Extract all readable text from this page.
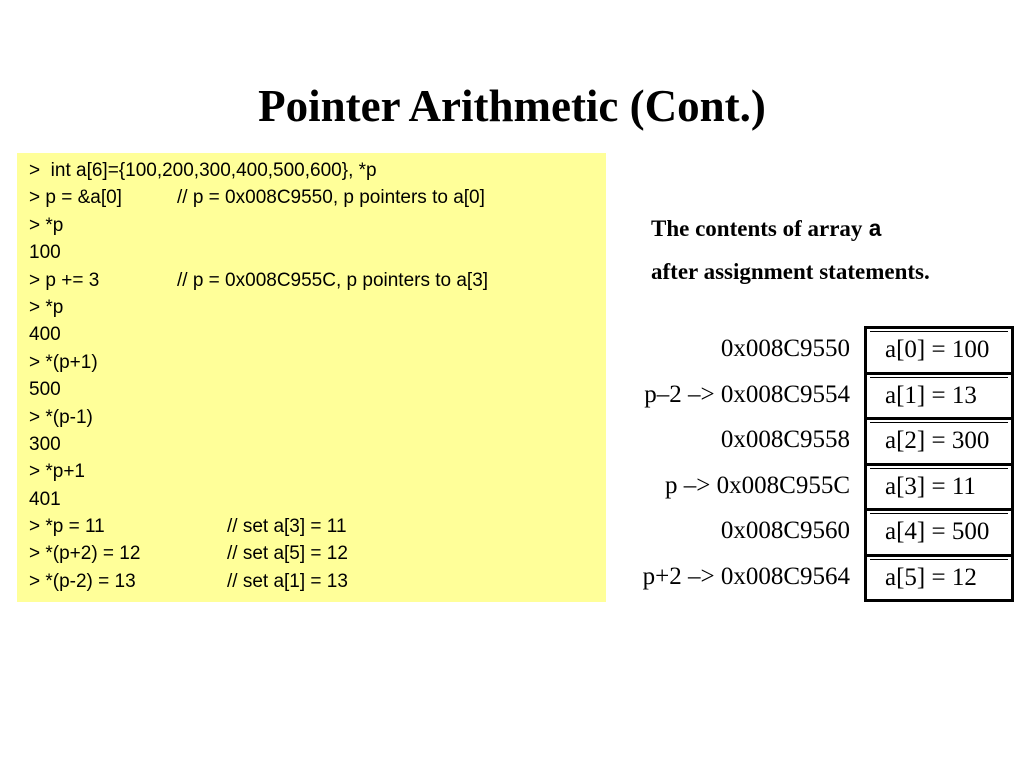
Pointer Arithmetic (Cont.)
>  int a[6]={100,200,300,400,500,600}, *p
> p = &a[0]	// p = 0x008C9550, p pointers to a[0]
> *p
100
> p += 3	// p = 0x008C955C, p pointers to a[3]
> *p
400
> *(p+1)
500
> *(p-1)
300
> *p+1
401
> *p = 11	// set a[3] = 11
> *(p+2) = 12	// set a[5] = 12
> *(p-2) = 13	// set a[1] = 13
The contents of array a
after assignment statements.
0x008C9550	a[0] = 100
p–2 –> 0x008C9554	a[1] = 13
0x008C9558	a[2] = 300
p –> 0x008C955C	a[3] = 11
0x008C9560	a[4] = 500
p+2 –> 0x008C9564	a[5] = 12
